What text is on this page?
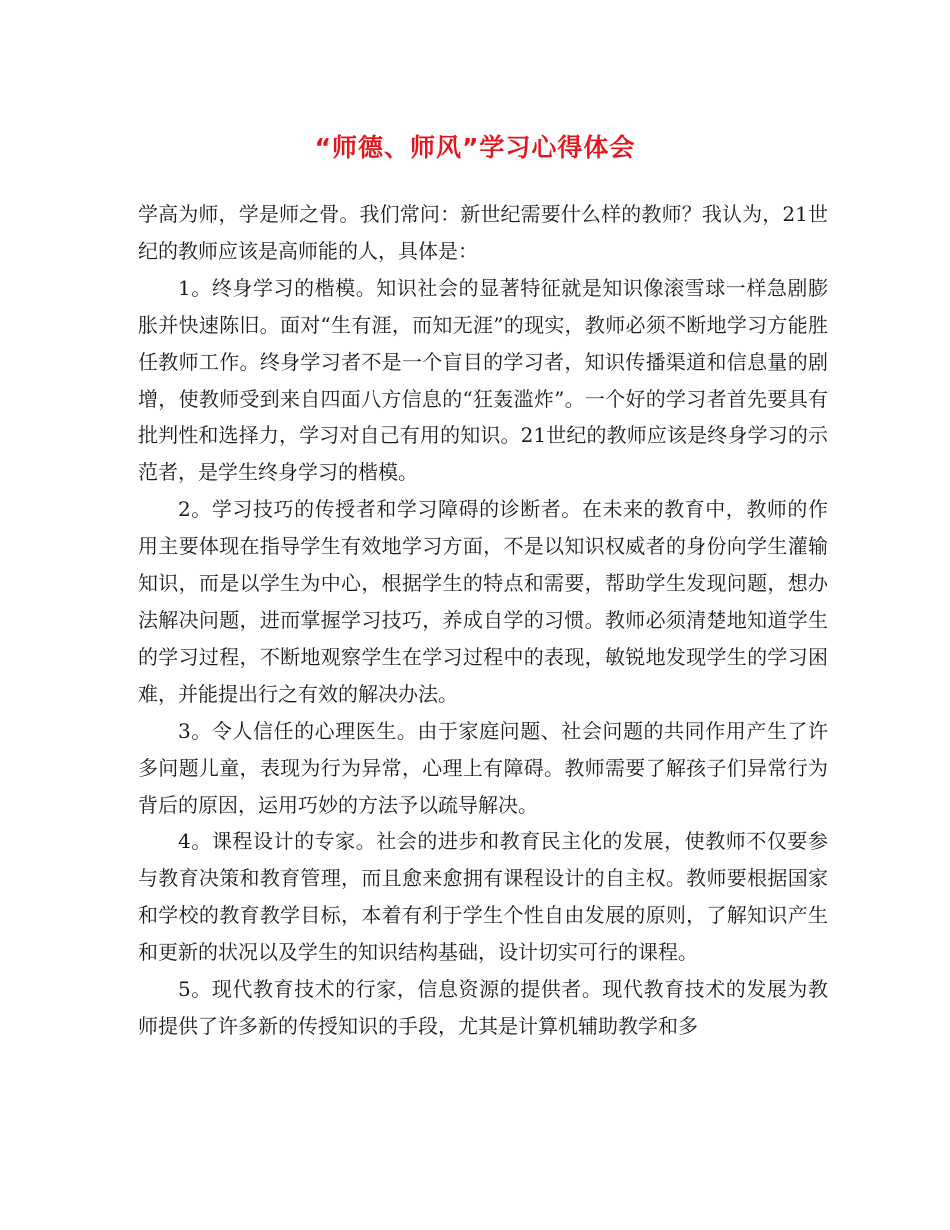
“师德、师风”学习心得体会

学高为师，学是师之骨。我们常问：新世纪需要什么样的教师？我认为，21世纪的教师应该是高师能的人，具体是：

1。终身学习的楷模。知识社会的显著特征就是知识像滚雪球一样急剧膨胀并快速陈旧。面对“生有涯，而知无涯”的现实，教师必须不断地学习方能胜任教师工作。终身学习者不是一个盲目的学习者，知识传播渠道和信息量的剧增，使教师受到来自四面八方信息的“狂轰滥炸”。一个好的学习者首先要具有批判性和选择力，学习对自己有用的知识。21世纪的教师应该是终身学习的示范者，是学生终身学习的楷模。

2。学习技巧的传授者和学习障碍的诊断者。在未来的教育中，教师的作用主要体现在指导学生有效地学习方面，不是以知识权威者的身份向学生灌输知识，而是以学生为中心，根据学生的特点和需要，帮助学生发现问题，想办法解决问题，进而掌握学习技巧，养成自学的习惯。教师必须清楚地知道学生的学习过程，不断地观察学生在学习过程中的表现，敏锐地发现学生的学习困难，并能提出行之有效的解决办法。

3。令人信任的心理医生。由于家庭问题、社会问题的共同作用产生了许多问题儿童，表现为行为异常，心理上有障碍。教师需要了解孩子们异常行为背后的原因，运用巧妙的方法予以疏导解决。

4。课程设计的专家。社会的进步和教育民主化的发展，使教师不仅要参与教育决策和教育管理，而且愈来愈拥有课程设计的自主权。教师要根据国家和学校的教育教学目标，本着有利于学生个性自由发展的原则，了解知识产生和更新的状况以及学生的知识结构基础，设计切实可行的课程。

5。现代教育技术的行家，信息资源的提供者。现代教育技术的发展为教师提供了许多新的传授知识的手段，尤其是计算机辅助教学和多
